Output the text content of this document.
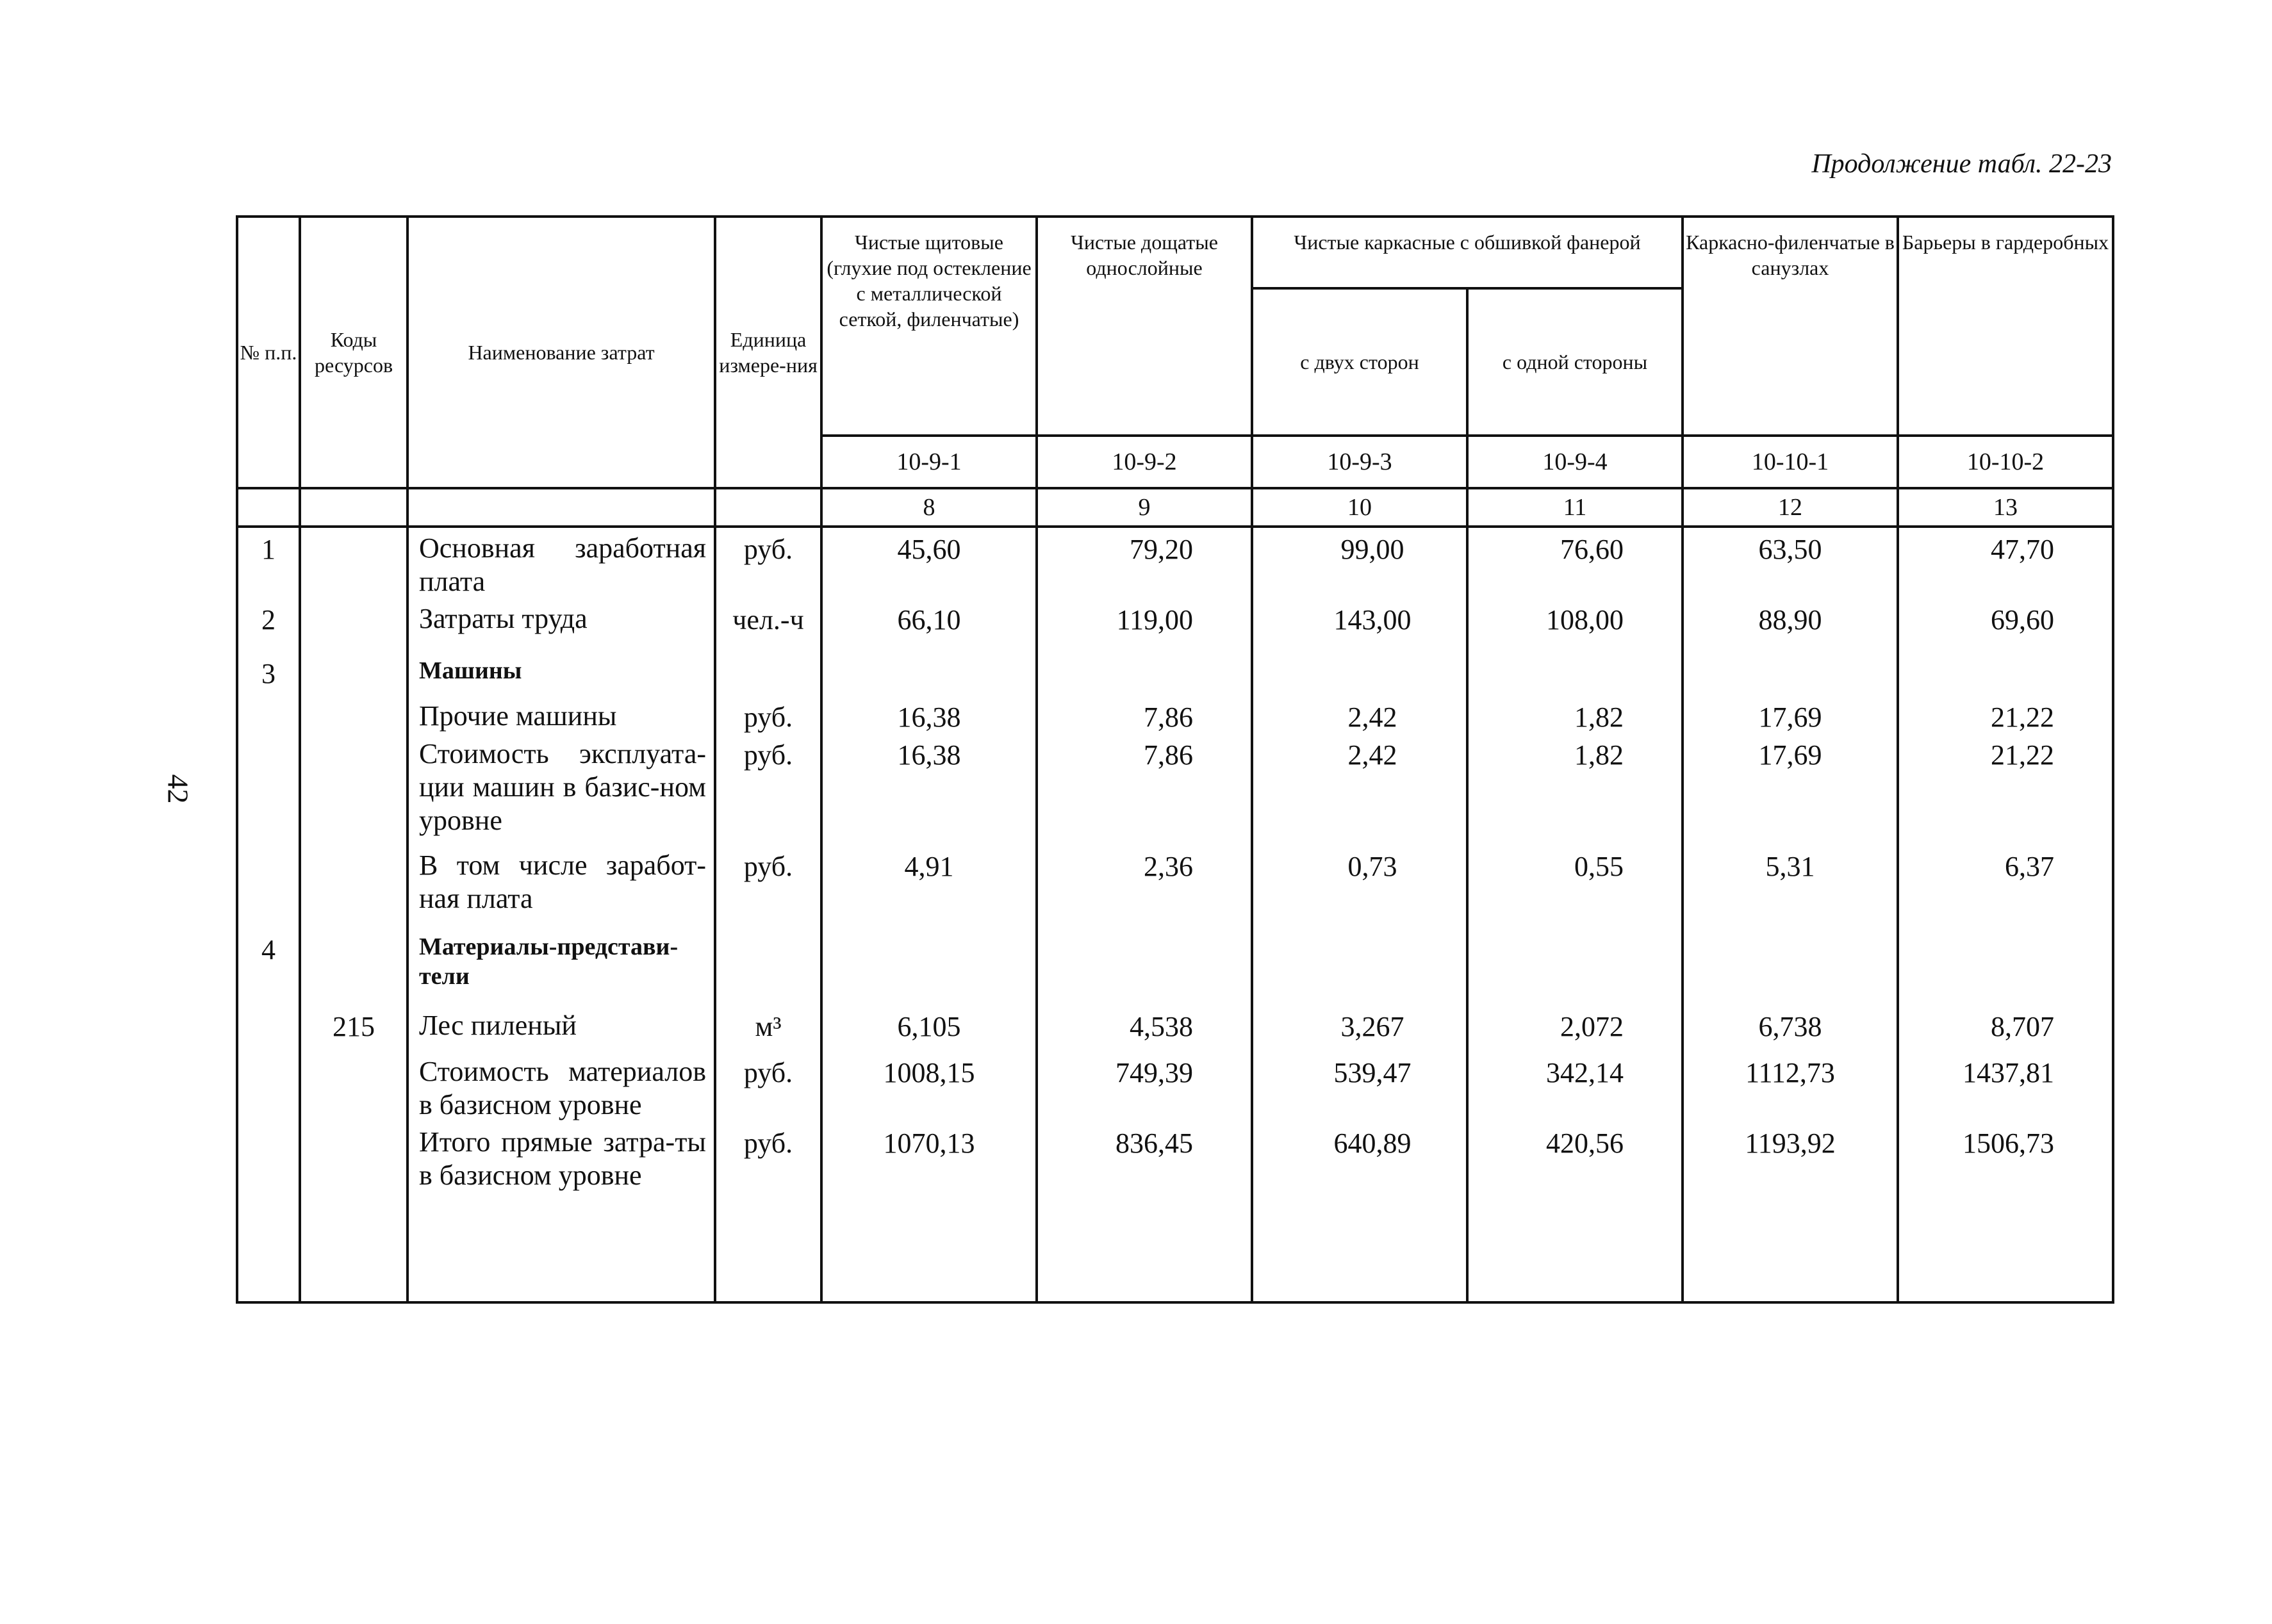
Продолжение табл. 22-23
42
№ п.п.	Коды ресурсов	Наименование затрат	Единица измере-ния	Чистые щитовые (глухие под остекление с металлической сеткой, филенчатые)	Чистые дощатые однослойные	Чистые каркасные с обшивкой фанерой		Каркасно-филенчатые в санузлах	Барьеры в гардеробных
						с двух сторон	с одной стороны		
				10-9-1	10-9-2	10-9-3	10-9-4	10-10-1	10-10-2
				8	9	10	11	12	13
1		Основная заработная плата	руб.	45,60	79,20	99,00	76,60	63,50	47,70
2		Затраты труда	чел.-ч	66,10	119,00	143,00	108,00	88,90	69,60
3		Машины							
		Прочие машины	руб.	16,38	7,86	2,42	1,82	17,69	21,22
		Стоимость эксплуата-ции машин в базис-ном уровне	руб.	16,38	7,86	2,42	1,82	17,69	21,22
		В том числе заработ-ная плата	руб.	4,91	2,36	0,73	0,55	5,31	6,37
4		Материалы-представи-тели							
	215	Лес пиленый	м³	6,105	4,538	3,267	2,072	6,738	8,707
		Стоимость материалов в базисном уровне	руб.	1008,15	749,39	539,47	342,14	1112,73	1437,81
		Итого прямые затра-ты в базисном уровне	руб.	1070,13	836,45	640,89	420,56	1193,92	1506,73
